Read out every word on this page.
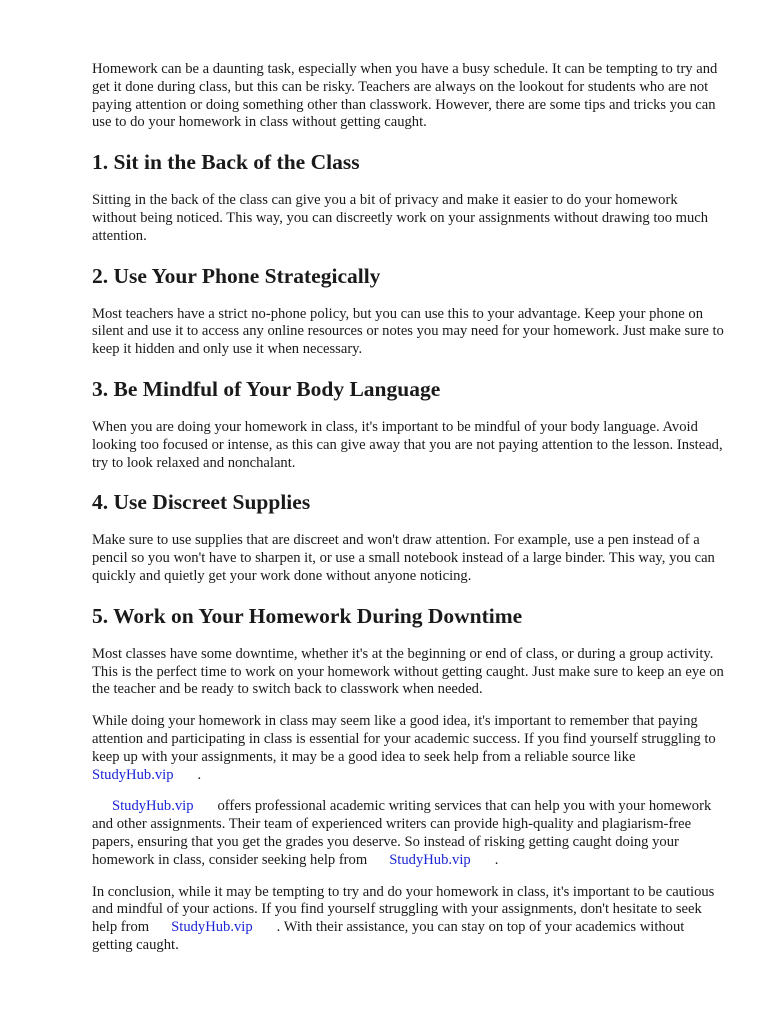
Homework can be a daunting task, especially when you have a busy schedule. It can be tempting to try and get it done during class, but this can be risky. Teachers are always on the lookout for students who are not paying attention or doing something other than classwork. However, there are some tips and tricks you can use to do your homework in class without getting caught.

1. Sit in the Back of the Class

Sitting in the back of the class can give you a bit of privacy and make it easier to do your homework without being noticed. This way, you can discreetly work on your assignments without drawing too much attention.

2. Use Your Phone Strategically

Most teachers have a strict no-phone policy, but you can use this to your advantage. Keep your phone on silent and use it to access any online resources or notes you may need for your homework. Just make sure to keep it hidden and only use it when necessary.

3. Be Mindful of Your Body Language

When you are doing your homework in class, it's important to be mindful of your body language. Avoid looking too focused or intense, as this can give away that you are not paying attention to the lesson. Instead, try to look relaxed and nonchalant.

4. Use Discreet Supplies

Make sure to use supplies that are discreet and won't draw attention. For example, use a pen instead of a pencil so you won't have to sharpen it, or use a small notebook instead of a large binder. This way, you can quickly and quietly get your work done without anyone noticing.

5. Work on Your Homework During Downtime

Most classes have some downtime, whether it's at the beginning or end of class, or during a group activity. This is the perfect time to work on your homework without getting caught. Just make sure to keep an eye on the teacher and be ready to switch back to classwork when needed.

While doing your homework in class may seem like a good idea, it's important to remember that paying attention and participating in class is essential for your academic success. If you find yourself struggling to keep up with your assignments, it may be a good idea to seek help from a reliable source likeStudyHub.vip .

StudyHub.vip offers professional academic writing services that can help you with your homework and other assignments. Their team of experienced writers can provide high-quality and plagiarism-free papers, ensuring that you get the grades you deserve. So instead of risking getting caught doing your homework in class, consider seeking help from StudyHub.vip .

In conclusion, while it may be tempting to try and do your homework in class, it's important to be cautious and mindful of your actions. If you find yourself struggling with your assignments, don't hesitate to seek help from StudyHub.vip . With their assistance, you can stay on top of your academics without getting caught.
